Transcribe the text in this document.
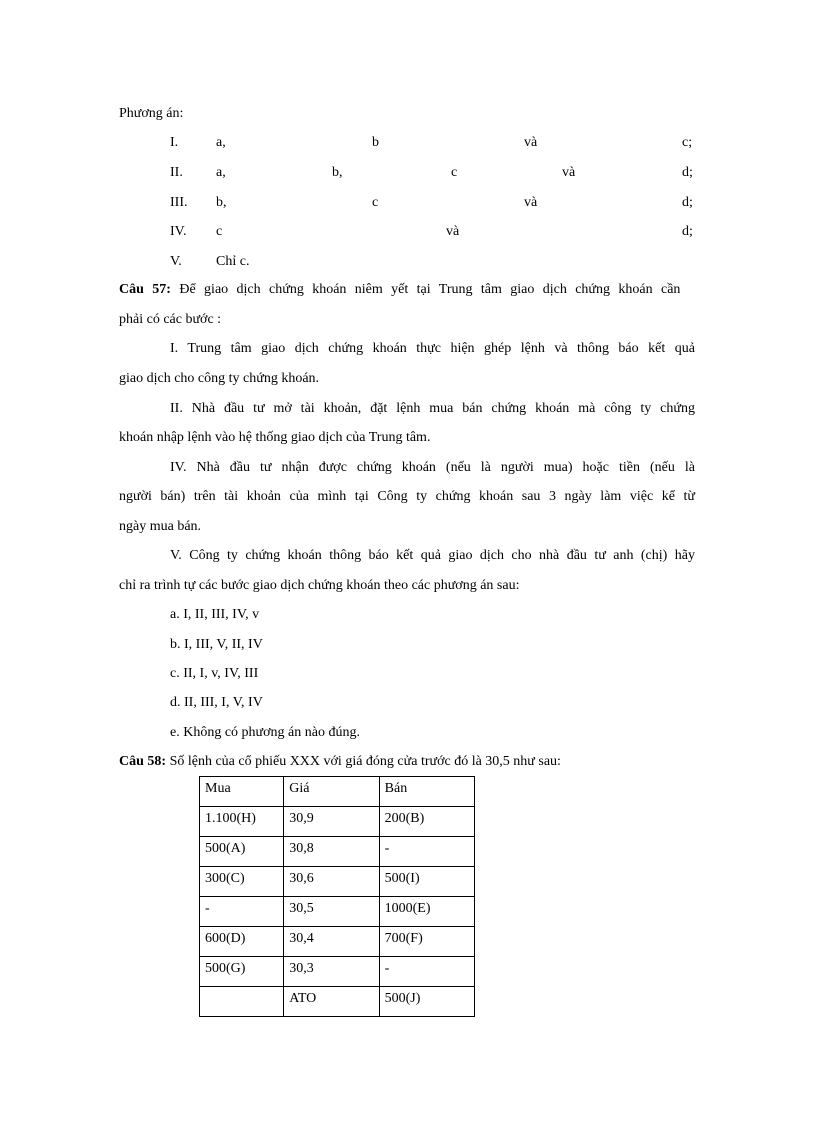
Phương án:
I.	a,	b	và	c;
II. a,	b,	c	và	d;
III. b,	c	và	d;
IV. c	và	d;
V. Chỉ c.
Câu 57: Để giao dịch chứng khoán niêm yết tại Trung tâm giao dịch chứng khoán cần
phải có các bước :
I. Trung tâm giao dịch chứng khoán thực hiện ghép lệnh và thông báo kết quả
giao dịch cho công ty chứng khoán.
II. Nhà đầu tư mở tài khoản, đặt lệnh mua bán chứng khoán mà công ty chứng
khoán nhập lệnh vào hệ thống giao dịch của Trung tâm.
IV. Nhà đầu tư nhận được chứng khoán (nếu là người mua) hoặc tiền (nếu là
người bán) trên tài khoản của mình tại Công ty chứng khoán sau 3 ngày làm việc kể từ
ngày mua bán.
V. Công ty chứng khoán thông báo kết quả giao dịch cho nhà đầu tư anh (chị) hãy
chỉ ra trình tự các bước giao dịch chứng khoán theo các phương án sau:
a. I, II, III, IV, v
b. I, III, V, II, IV
c. II, I, v, IV, III
d. II, III, I, V, IV
e. Không có phương án nào đúng.
Câu 58: Số lệnh của cổ phiếu XXX với giá đóng cửa trước đó là 30,5 như sau:
Mua	Giá	Bán
1.100(H)	30,9	200(B)
500(A)	30,8	-
300(C)	30,6	500(I)
-	30,5	1000(E)
600(D)	30,4	700(F)
500(G)	30,3	-
	ATO	500(J)
